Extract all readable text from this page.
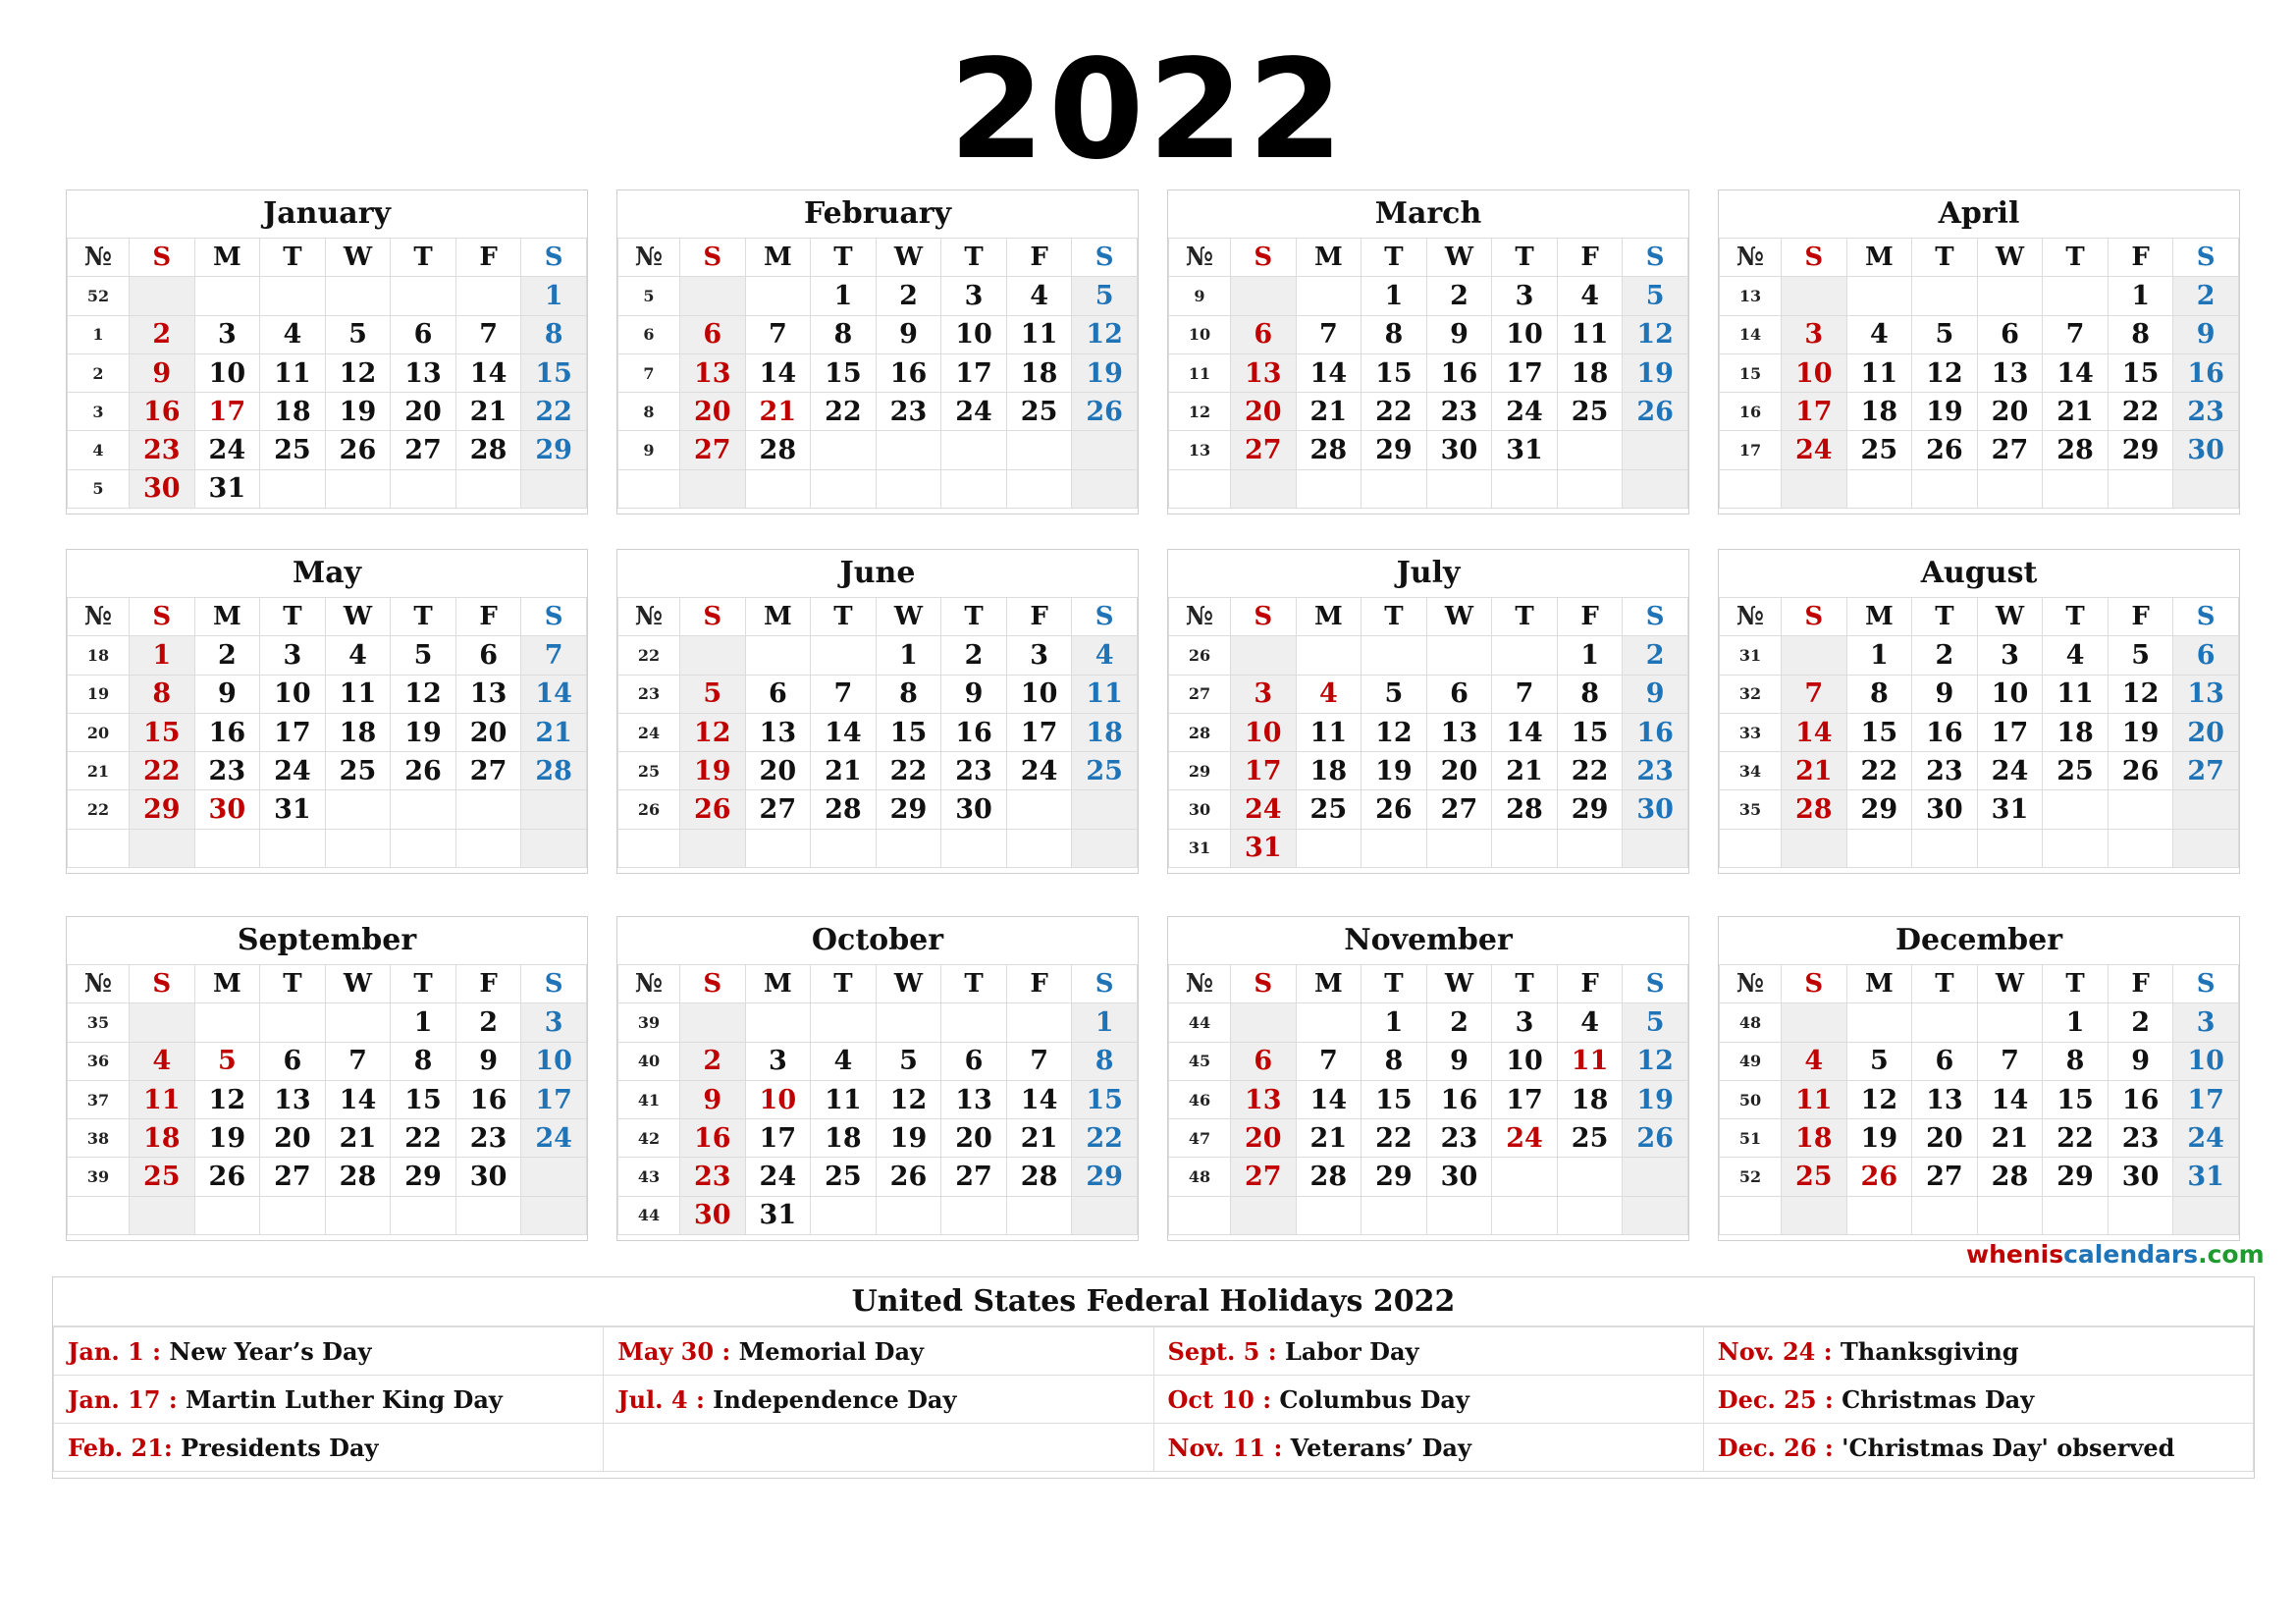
2022
January
№	S	M	T	W	T	F	S
52							1
1	2	3	4	5	6	7	8
2	9	10	11	12	13	14	15
3	16	17	18	19	20	21	22
4	23	24	25	26	27	28	29
5	30	31					
February
№	S	M	T	W	T	F	S
5			1	2	3	4	5
6	6	7	8	9	10	11	12
7	13	14	15	16	17	18	19
8	20	21	22	23	24	25	26
9	27	28					

March
№	S	M	T	W	T	F	S
9			1	2	3	4	5
10	6	7	8	9	10	11	12
11	13	14	15	16	17	18	19
12	20	21	22	23	24	25	26
13	27	28	29	30	31		

April
№	S	M	T	W	T	F	S
13						1	2
14	3	4	5	6	7	8	9
15	10	11	12	13	14	15	16
16	17	18	19	20	21	22	23
17	24	25	26	27	28	29	30

May
№	S	M	T	W	T	F	S
18	1	2	3	4	5	6	7
19	8	9	10	11	12	13	14
20	15	16	17	18	19	20	21
21	22	23	24	25	26	27	28
22	29	30	31				

June
№	S	M	T	W	T	F	S
22				1	2	3	4
23	5	6	7	8	9	10	11
24	12	13	14	15	16	17	18
25	19	20	21	22	23	24	25
26	26	27	28	29	30		

July
№	S	M	T	W	T	F	S
26						1	2
27	3	4	5	6	7	8	9
28	10	11	12	13	14	15	16
29	17	18	19	20	21	22	23
30	24	25	26	27	28	29	30
31	31						
August
№	S	M	T	W	T	F	S
31		1	2	3	4	5	6
32	7	8	9	10	11	12	13
33	14	15	16	17	18	19	20
34	21	22	23	24	25	26	27
35	28	29	30	31			

September
№	S	M	T	W	T	F	S
35					1	2	3
36	4	5	6	7	8	9	10
37	11	12	13	14	15	16	17
38	18	19	20	21	22	23	24
39	25	26	27	28	29	30	

October
№	S	M	T	W	T	F	S
39							1
40	2	3	4	5	6	7	8
41	9	10	11	12	13	14	15
42	16	17	18	19	20	21	22
43	23	24	25	26	27	28	29
44	30	31					
November
№	S	M	T	W	T	F	S
44			1	2	3	4	5
45	6	7	8	9	10	11	12
46	13	14	15	16	17	18	19
47	20	21	22	23	24	25	26
48	27	28	29	30			

December
№	S	M	T	W	T	F	S
48					1	2	3
49	4	5	6	7	8	9	10
50	11	12	13	14	15	16	17
51	18	19	20	21	22	23	24
52	25	26	27	28	29	30	31

wheniscalendars.com
United States Federal Holidays 2022
Jan. 1 : New Year’s Day	May 30 : Memorial Day	Sept. 5 : Labor Day	Nov. 24 : Thanksgiving
Jan. 17 : Martin Luther King Day	Jul. 4 : Independence Day	Oct 10 : Columbus Day	Dec. 25 : Christmas Day
Feb. 21: Presidents Day		Nov. 11 : Veterans’ Day	Dec. 26 : 'Christmas Day' observed
